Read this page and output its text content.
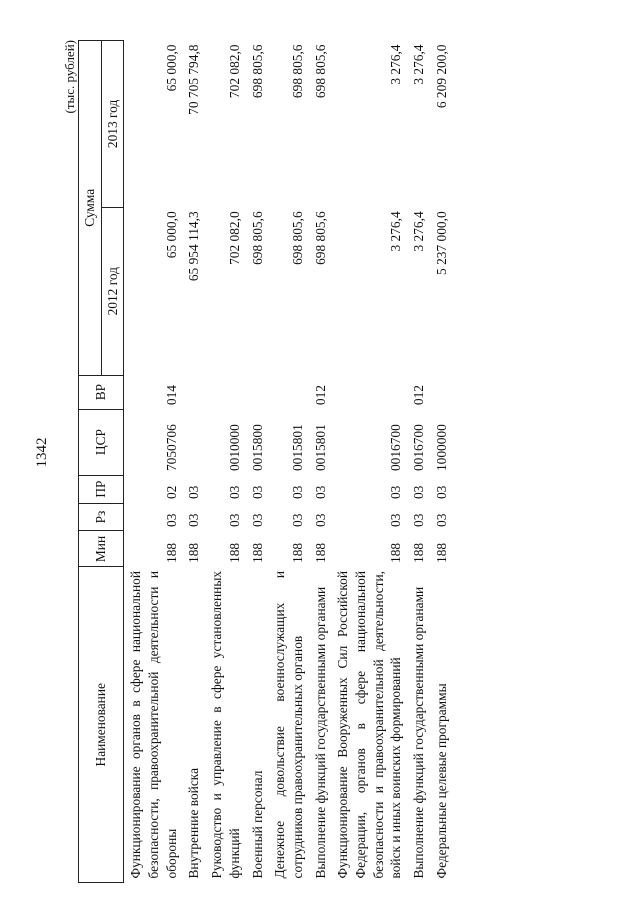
1342
(тыс. рублей)
Наименование	Мин	Рз	ПР	ЦСР	ВР	Сумма	
						2012 год	2013 год
Функционирование органов в сфере национальной безопасности, правоохранительной деятельности и обороны	188	03	02	7050706	014	65 000,0	65 000,0
Внутренние войска	188	03	03			65 954 114,3	70 705 794,8
Руководство и управление в сфере установленных функций	188	03	03	0010000		702 082,0	702 082,0
Военный персонал	188	03	03	0015800		698 805,6	698 805,6
Денежное довольствие военнослужащих и сотрудников правоохранительных органов	188	03	03	0015801		698 805,6	698 805,6
Выполнение функций государственными органами	188	03	03	0015801	012	698 805,6	698 805,6
Функционирование Вооруженных Сил Российской Федерации, органов в сфере национальной безопасности и правоохранительной деятельности, войск и иных воинских формирований	188	03	03	0016700		3 276,4	3 276,4
Выполнение функций государственными органами	188	03	03	0016700	012	3 276,4	3 276,4
Федеральные целевые программы	188	03	03	1000000		5 237 000,0	6 209 200,0
